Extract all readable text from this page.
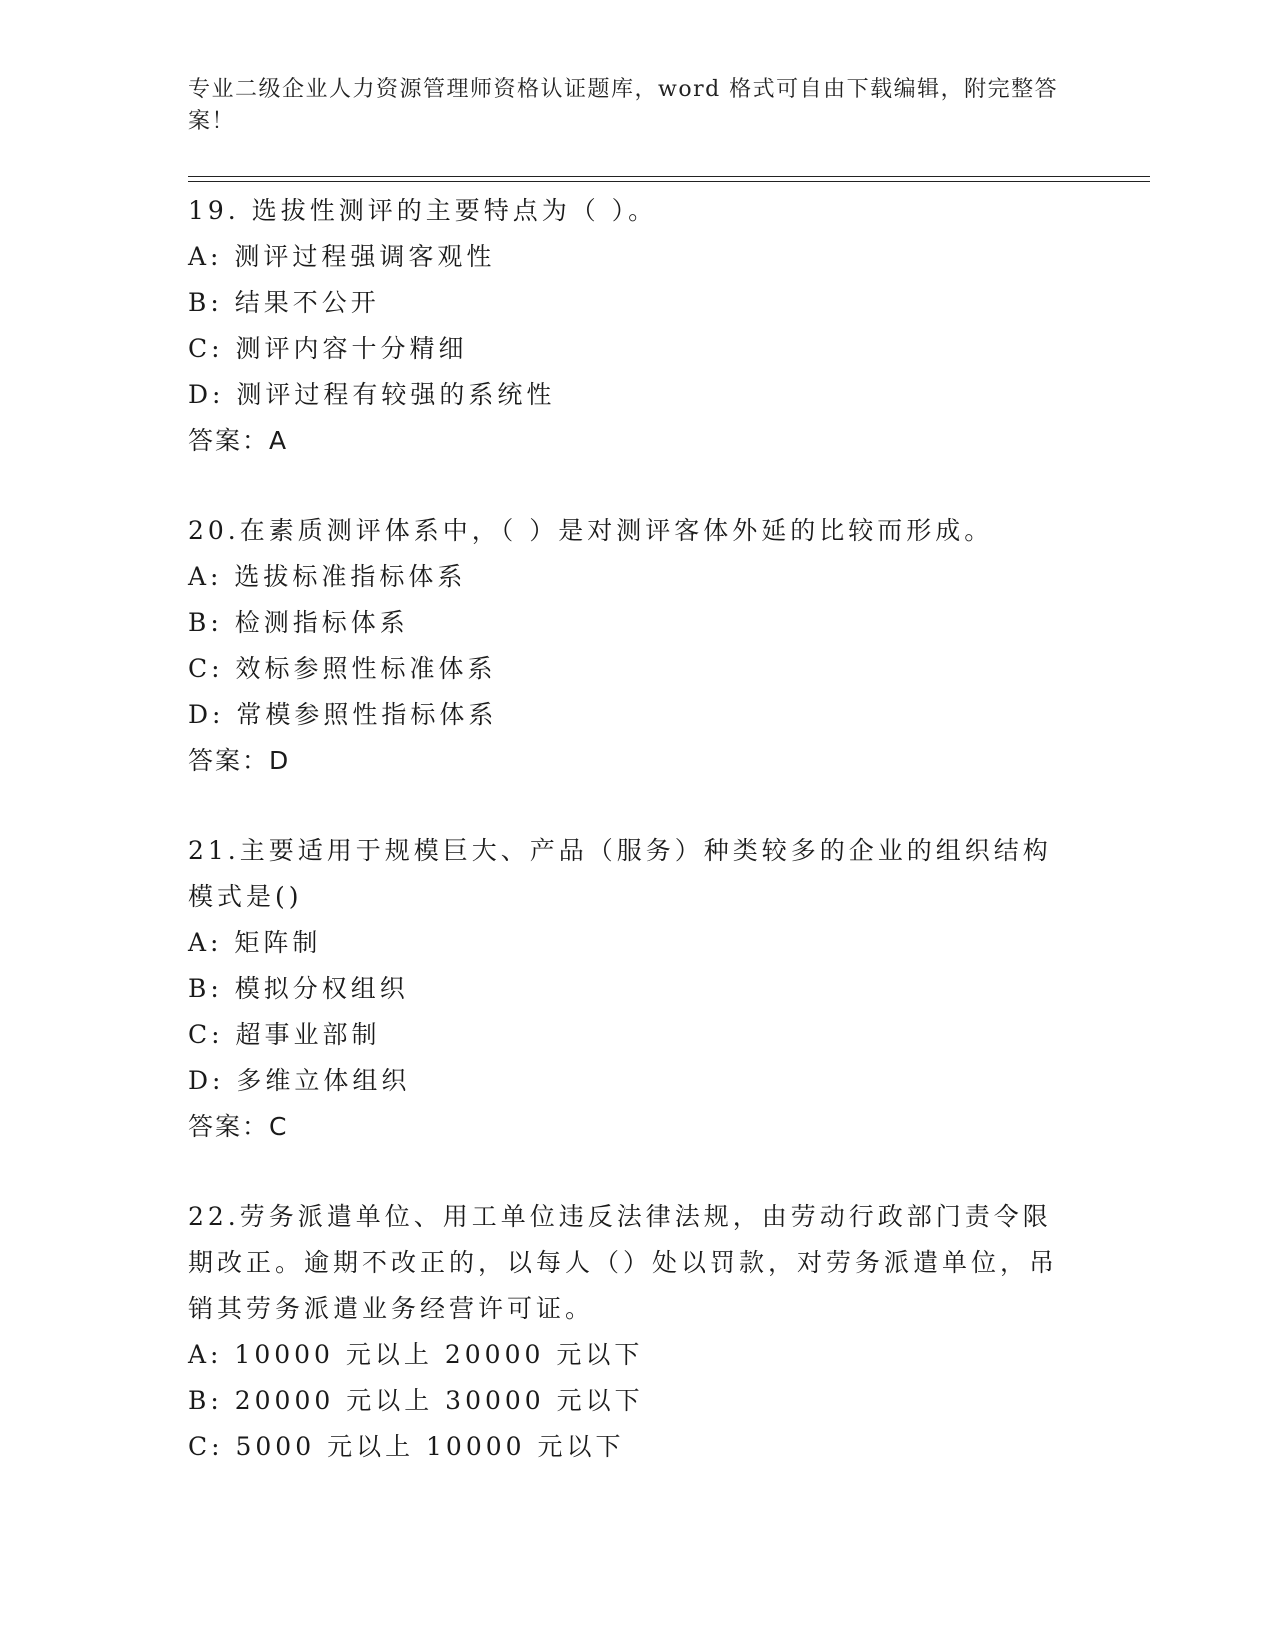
专业二级企业人力资源管理师资格认证题库，word 格式可自由下载编辑，附完整答案！
19. 选拔性测评的主要特点为（ ）。
A: 测评过程强调客观性
B: 结果不公开
C: 测评内容十分精细
D: 测评过程有较强的系统性
答案：A
20.在素质测评体系中，（ ）是对测评客体外延的比较而形成。
A: 选拔标准指标体系
B: 检测指标体系
C: 效标参照性标准体系
D: 常模参照性指标体系
答案：D
21.主要适用于规模巨大、产品（服务）种类较多的企业的组织结构模式是()
A: 矩阵制
B: 模拟分权组织
C: 超事业部制
D: 多维立体组织
答案：C
22.劳务派遣单位、用工单位违反法律法规，由劳动行政部门责令限期改正。逾期不改正的，以每人（）处以罚款，对劳务派遣单位，吊销其劳务派遣业务经营许可证。
A: 10000 元以上 20000 元以下
B: 20000 元以上 30000 元以下
C: 5000 元以上 10000 元以下
